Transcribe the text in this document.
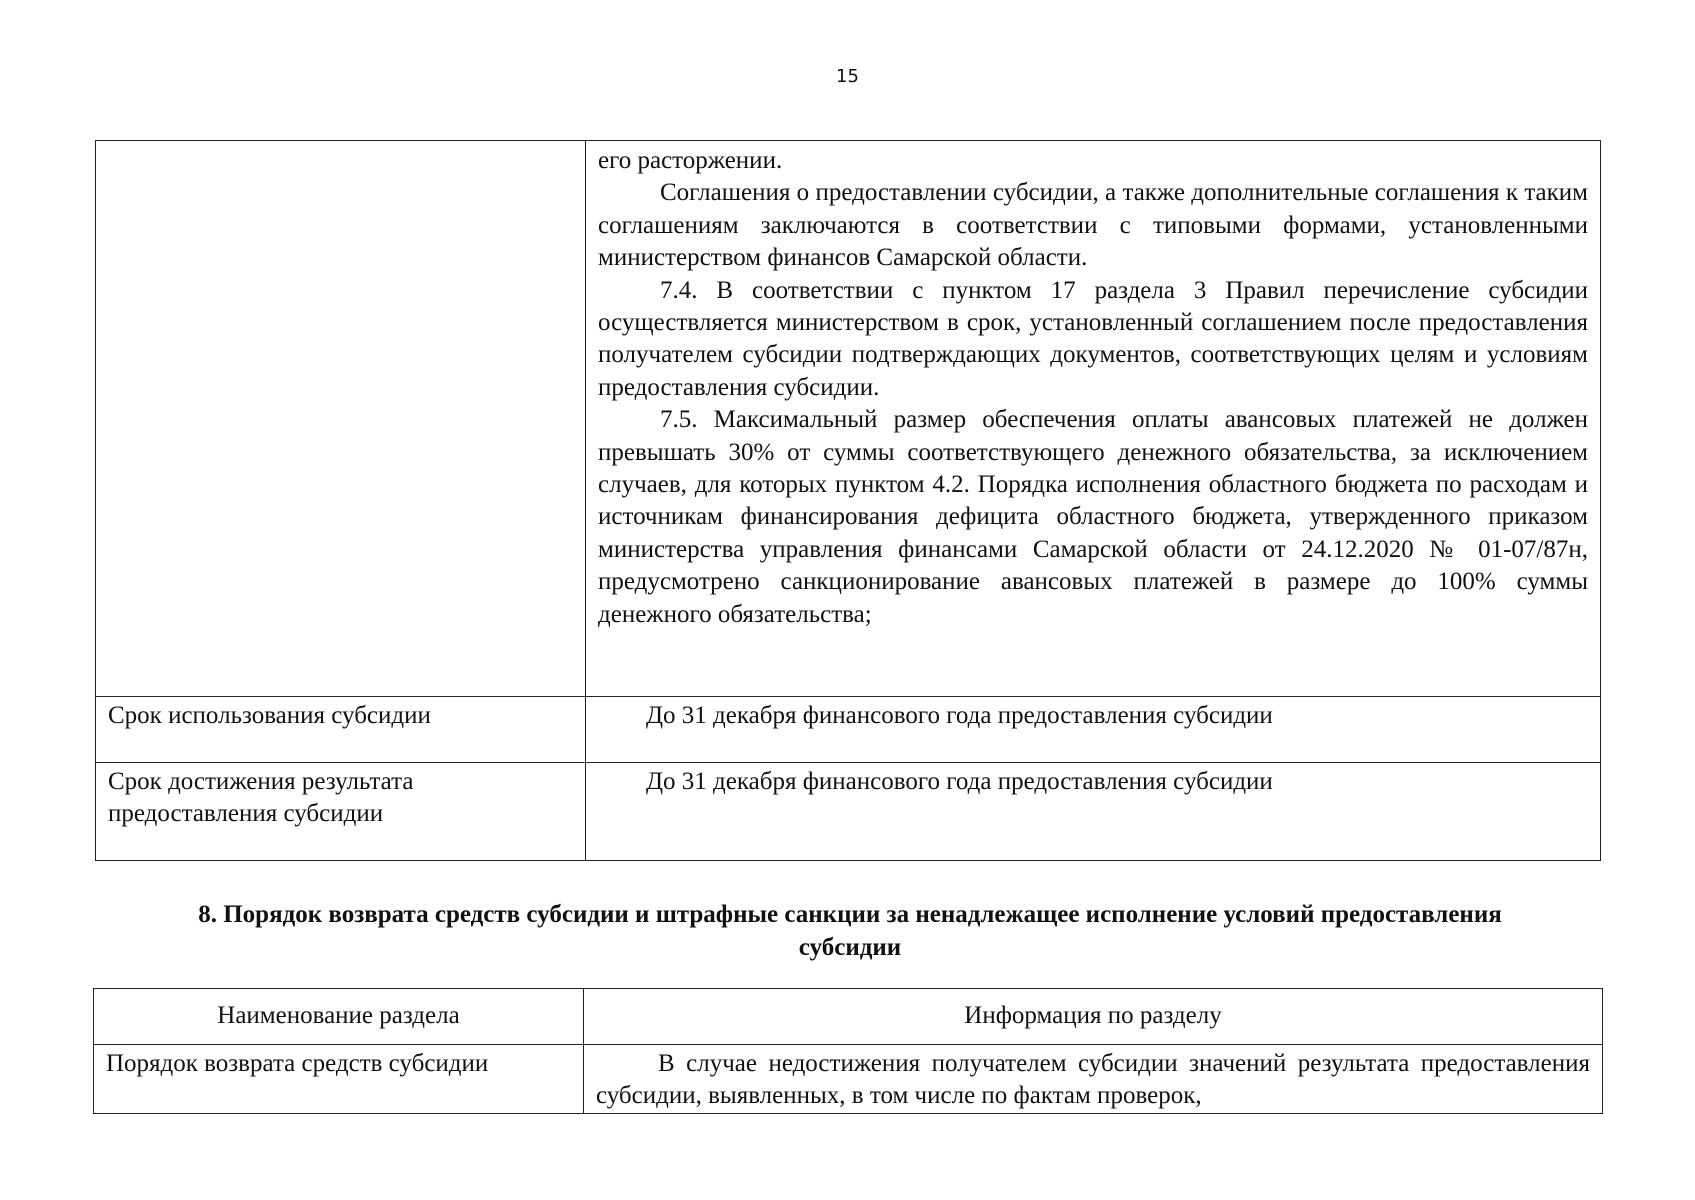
15

	его расторжении.

Соглашения о предоставлении субсидии, а также дополнительные соглашения к таким соглашениям заключаются в соответствии с типовыми формами, установленными министерством финансов Самарской области.

7.4. В соответствии с пунктом 17 раздела 3 Правил перечисление субсидии осуществляется министерством в срок, установленный соглашением после предоставления получателем субсидии подтверждающих документов, соответствующих целям и условиям предоставления субсидии.

7.5. Максимальный размер обеспечения оплаты авансовых платежей не должен превышать 30% от суммы соответствующего денежного обязательства, за исключением случаев, для которых пунктом 4.2. Порядка исполнения областного бюджета по расходам и источникам финансирования дефицита областного бюджета, утвержденного приказом министерства управления финансами Самарской области от 24.12.2020 № 01-07/87н, предусмотрено санкционирование авансовых платежей в размере до 100% суммы денежного обязательства;

Срок использования субсидии	До 31 декабря финансового года предоставления субсидии
Срок достижения результата предоставления субсидии	До 31 декабря финансового года предоставления субсидии
8. Порядок возврата средств субсидии и штрафные санкции за ненадлежащее исполнение условий предоставления субсидии
Наименование раздела	Информация по разделу
Порядок возврата средств субсидии	В случае недостижения получателем субсидии значений результата предоставления субсидии, выявленных, в том числе по фактам проверок,
